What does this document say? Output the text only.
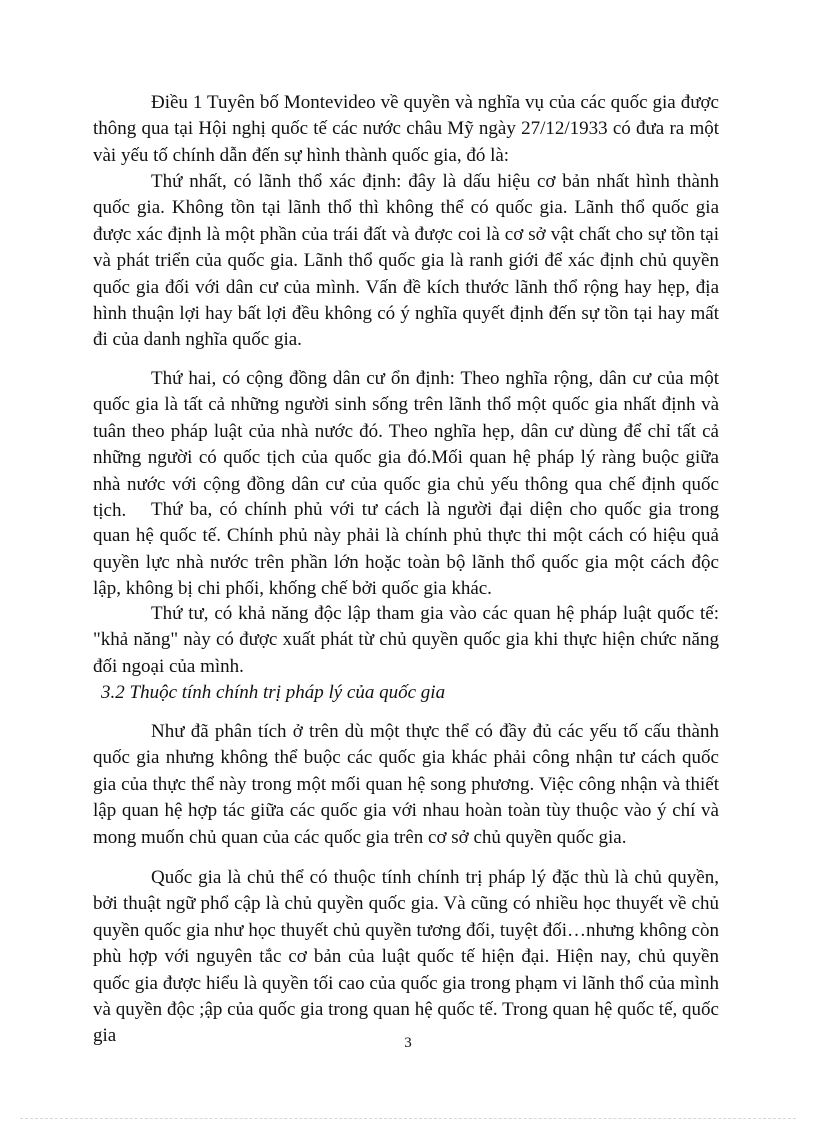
Điều 1 Tuyên bố Montevideo về quyền và nghĩa vụ của các quốc gia được thông qua tại Hội nghị quốc tế các nước châu Mỹ ngày 27/12/1933 có đưa ra một vài yếu tố chính dẫn đến sự hình thành quốc gia, đó là:

Thứ nhất, có lãnh thổ xác định: đây là dấu hiệu cơ bản nhất hình thành quốc gia. Không tồn tại lãnh thổ thì không thể có quốc gia. Lãnh thổ quốc gia được xác định là một phần của trái đất và được coi là cơ sở vật chất cho sự tồn tại và phát triển của quốc gia. Lãnh thổ quốc gia là ranh giới để xác định chủ quyền quốc gia đối với dân cư của mình. Vấn đề kích thước lãnh thổ rộng hay hẹp, địa hình thuận lợi hay bất lợi đều không có ý nghĩa quyết định đến sự tồn tại hay mất đi của danh nghĩa quốc gia.

Thứ hai, có cộng đồng dân cư ổn định: Theo nghĩa rộng, dân cư của một quốc gia là tất cả những người sinh sống trên lãnh thổ một quốc gia nhất định và tuân theo pháp luật của nhà nước đó. Theo nghĩa hẹp, dân cư dùng để chỉ tất cả những người có quốc tịch của quốc gia đó.Mối quan hệ pháp lý ràng buộc giữa nhà nước với cộng đồng dân cư của quốc gia chủ yếu thông qua chế định quốc tịch.	Thứ ba, có chính phủ với tư cách là người đại diện cho quốc gia trong quan hệ quốc tế. Chính phủ này phải là chính phủ thực thi một cách có hiệu quả quyền lực nhà nước trên phần lớn hoặc toàn bộ lãnh thổ quốc gia một cách độc lập, không bị chi phối, khống chế bởi quốc gia khác.

Thứ tư, có khả năng độc lập tham gia vào các quan hệ pháp luật quốc tế: "khả năng" này có được xuất phát từ chủ quyền quốc gia khi thực hiện chức năng đối ngoại của mình.

3.2 Thuộc tính chính trị pháp lý của quốc gia

Như đã phân tích ở trên dù một thực thể có đầy đủ các yếu tố cấu thành quốc gia nhưng không thể buộc các quốc gia khác phải công nhận tư cách quốc gia của thực thể này trong một mối quan hệ song phương. Việc công nhận và thiết lập quan hệ hợp tác giữa các quốc gia với nhau hoàn toàn tùy thuộc vào ý chí và mong muốn chủ quan của các quốc gia trên cơ sở chủ quyền quốc gia.

Quốc gia là chủ thể có thuộc tính chính trị pháp lý đặc thù là chủ quyền, bởi thuật ngữ phổ cập là chủ quyền quốc gia. Và cũng có nhiều học thuyết về chủ quyền quốc gia như học thuyết chủ quyền tương đối, tuyệt đối…nhưng không còn phù hợp với nguyên tắc cơ bản của luật quốc tế hiện đại. Hiện nay, chủ quyền quốc gia được hiểu là quyền tối cao của quốc gia trong phạm vi lãnh thổ của mình và quyền độc ;ập của quốc gia trong quan hệ quốc tế. Trong quan hệ quốc tế, quốc gia	3
